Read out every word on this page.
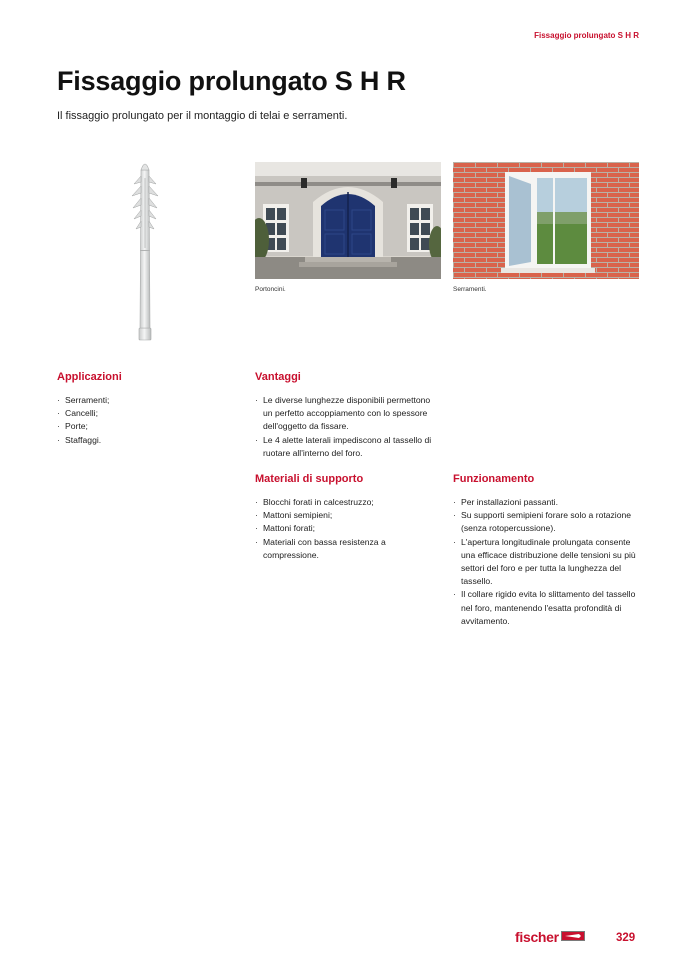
Fissaggio prolungato S H R
Fissaggio prolungato S H R

Il fissaggio prolungato per il montaggio di telai e serramenti.

Portoncini.	Serramenti.
Applicazioni
· Serramenti;
· Cancelli;
· Porte;
· Staffaggi.
Vantaggi
· Le diverse lunghezze disponibili permettono un perfetto accoppiamento con lo spessore dell'oggetto da fissare.
· Le 4 alette laterali impediscono al tassello di ruotare all'interno del foro.
Materiali di supporto
· Blocchi forati in calcestruzzo;
· Mattoni semipieni;
· Mattoni forati;
· Materiali con bassa resistenza a compressione.
Funzionamento
· Per installazioni passanti.
· Su supporti semipieni forare solo a rotazione (senza rotopercussione).
· L'apertura longitudinale prolungata consente una efficace distribuzione delle tensioni su più settori del foro e per tutta la lunghezza del tassello.
· Il collare rigido evita lo slittamento del tassello nel foro, mantenendo l'esatta profondità di avvitamento.
fischer	329
